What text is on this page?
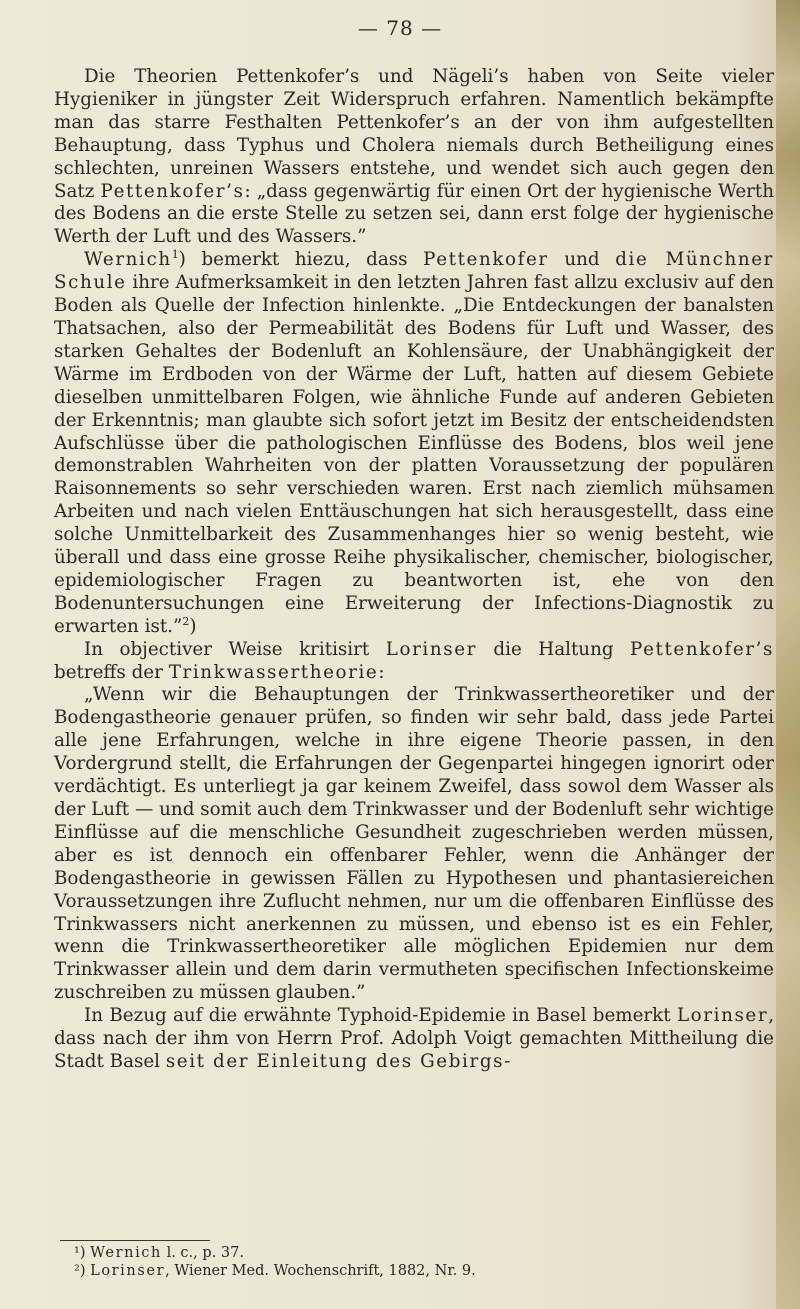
— 78 —

Die Theorien Pettenkofer’s und Nägeli’s haben von Seite vieler Hygieniker in jüngster Zeit Widerspruch erfahren. Namentlich bekämpfte man das starre Festhalten Pettenkofer’s an der von ihm aufgestellten Behauptung, dass Typhus und Cholera niemals durch Betheiligung eines schlechten, unreinen Wassers entstehe, und wendet sich auch gegen den Satz Pettenkofer’s: „dass gegenwärtig für einen Ort der hygienische Werth des Bodens an die erste Stelle zu setzen sei, dann erst folge der hygienische Werth der Luft und des Wassers.”

Wernich$^1$) bemerkt hiezu, dass Pettenkofer und die Münchner Schule ihre Aufmerksamkeit in den letzten Jahren fast allzu exclusiv auf den Boden als Quelle der Infection hinlenkte. „Die Entdeckungen der banalsten Thatsachen, also der Permeabilität des Bodens für Luft und Wasser, des starken Gehaltes der Bodenluft an Kohlensäure, der Unabhängigkeit der Wärme im Erdboden von der Wärme der Luft, hatten auf diesem Gebiete dieselben unmittelbaren Folgen, wie ähnliche Funde auf anderen Gebieten der Erkenntnis; man glaubte sich sofort jetzt im Besitz der entscheidendsten Aufschlüsse über die pathologischen Einflüsse des Bodens, blos weil jene demonstrablen Wahrheiten von der platten Voraussetzung der populären Raisonnements so sehr verschieden waren. Erst nach ziemlich mühsamen Arbeiten und nach vielen Enttäuschungen hat sich herausgestellt, dass eine solche Unmittelbarkeit des Zusammenhanges hier so wenig besteht, wie überall und dass eine grosse Reihe physikalischer, chemischer, biologischer, epidemiologischer Fragen zu beantworten ist, ehe von den Bodenuntersuchungen eine Erweiterung der Infections-Diagnostik zu erwarten ist.”$^2$)

In objectiver Weise kritisirt Lorinser die Haltung Pettenkofer’s betreffs der Trinkwassertheorie:

„Wenn wir die Behauptungen der Trinkwassertheoretiker und der Bodengastheorie genauer prüfen, so finden wir sehr bald, dass jede Partei alle jene Erfahrungen, welche in ihre eigene Theorie passen, in den Vordergrund stellt, die Erfahrungen der Gegenpartei hingegen ignorirt oder verdächtigt. Es unterliegt ja gar keinem Zweifel, dass sowol dem Wasser als der Luft — und somit auch dem Trinkwasser und der Bodenluft sehr wichtige Einflüsse auf die menschliche Gesundheit zugeschrieben werden müssen, aber es ist dennoch ein offenbarer Fehler, wenn die Anhänger der Bodengastheorie in gewissen Fällen zu Hypothesen und phantasiereichen Voraussetzungen ihre Zuflucht nehmen, nur um die offenbaren Einflüsse des Trinkwassers nicht anerkennen zu müssen, und ebenso ist es ein Fehler, wenn die Trinkwassertheoretiker alle möglichen Epidemien nur dem Trinkwasser allein und dem darin vermutheten specifischen Infectionskeime zuschreiben zu müssen glauben.”

In Bezug auf die erwähnte Typhoid-Epidemie in Basel bemerkt Lorinser, dass nach der ihm von Herrn Prof. Adolph Voigt gemachten Mittheilung die Stadt Basel seit der Einleitung des Gebirgs-

¹) Wernich l. c., p. 37.
²) Lorinser, Wiener Med. Wochenschrift, 1882, Nr. 9.
